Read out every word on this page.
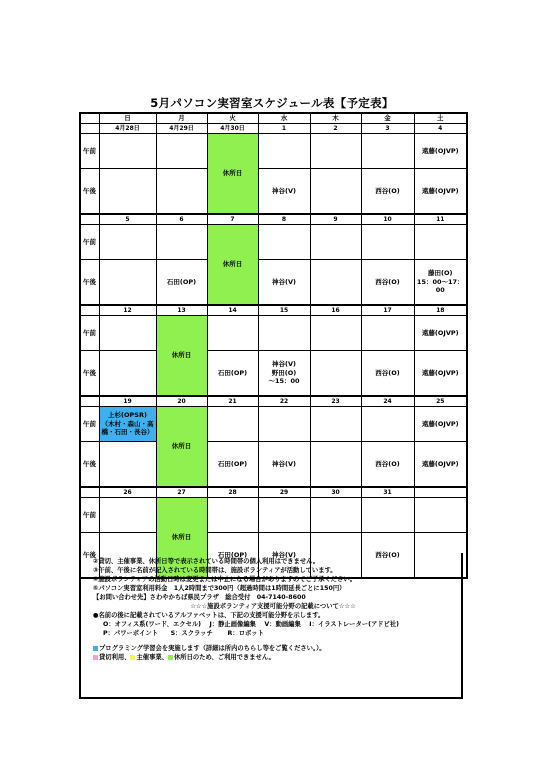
5月パソコン実習室スケジュール表【予定表】
	日	月	火	水	木	金	土
	4月28日	4月29日	4月30日	1	2	3	4
午前			休所日				遠藤(OJVP)
午後				神谷(V)		西谷(O)	遠藤(OJVP)
	5	6	7	8	9	10	11
午前			休所日				
午後		石田(OP)		神谷(V)		西谷(O)	藤田(O)
15：00～17：00
	12	13	14	15	16	17	18
午前		休所日					遠藤(OJVP)
午後			石田(OP)	神谷(V)
野田(O)
～15：00		西谷(O)	遠藤(OJVP)
	19	20	21	22	23	24	25
午前	上杉(OPSR)
（木村・森山・高橋・石田・長谷）	休所日					遠藤(OJVP)
午後			石田(OP)	神谷(V)		西谷(O)	遠藤(OJVP)
	26	27	28	29	30	31	
午前		休所日					
午後			石田(OP)	神谷(V)		西谷(O)	
②貸切、主催事業、休所日等で表示されている時間帯の個人利用はできません。
③午前、午後に名前が記入されている時間帯は、施設ボランティアが活動しています。
④施設ボランティアの活動日時は変更または中止になる場合がありますのでご了承ください。
⑤パソコン実習室利用料金　1人2時間まで300円（超過時間は1時間延長ごとに150円）
【お問い合わせ先】さわやかちば県民プラザ　総合受付　04-7140-8600
☆☆☆施設ボランティア支援可能分野の記載について☆☆☆
●名前の後に記載されているアルファベットは、下記の支援可能分野を示します。
O：オフィス系(ワード、エクセル)　 J：静止画像編集　 V：動画編集　 I：イラストレーター(アドビ社)
P：パワーポイント　　S：スクラッチ　　 R：ロボット
プログラミング学習会を実施します（詳細は所内のちらし等をご覧ください。）。
貸切利用、 主催事業、 休所日のため、ご利用できません。
